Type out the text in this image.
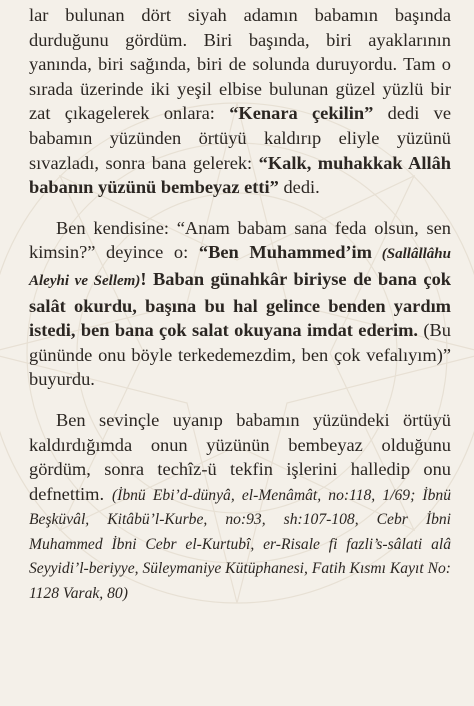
lar bulunan dört siyah adamın babamın başında durduğunu gördüm. Biri başında, biri ayaklarının yanında, biri sağında, biri de solunda duruyordu. Tam o sırada üzerinde iki yeşil elbise bulunan güzel yüzlü bir zat çıkagelerek onlara: “Kenara çekilin” dedi ve babamın yüzünden örtüyü kaldırıp eliyle yüzünü sıvazladı, sonra bana gelerek: “Kalk, muhakkak Allâh babanın yüzünü bembeyaz etti” dedi.

Ben kendisine: “Anam babam sana feda olsun, sen kimsin?” deyince o: “Ben Muhammed’im (Sallâllâhu Aleyhi ve Sellem)! Baban günahkâr biriyse de bana çok salât okurdu, başına bu hal gelince benden yardım istedi, ben bana çok salat okuyana imdat ederim. (Bu gününde onu böyle terkedemezdim, ben çok vefalıyım)” buyurdu.

Ben sevinçle uyanıp babamın yüzündeki örtüyü kaldırdığımda onun yüzünün bembeyaz olduğunu gördüm, sonra techîz-ü tekfin işlerini halledip onu defnettim. (İbnü Ebi’d-dünyâ, el-Menâmât, no:118, 1/69; İbnü Beşküvâl, Kitâbü’l-Kurbe, no:93, sh:107-108, Cebr İbni Muhammed İbni Cebr el-Kurtubî, er-Risale fi fazli’s-sâlati alâ Seyyidi’l-beriyye, Süleymaniye Kütüphanesi, Fatih Kısmı Kayıt No: 1128 Varak, 80)
